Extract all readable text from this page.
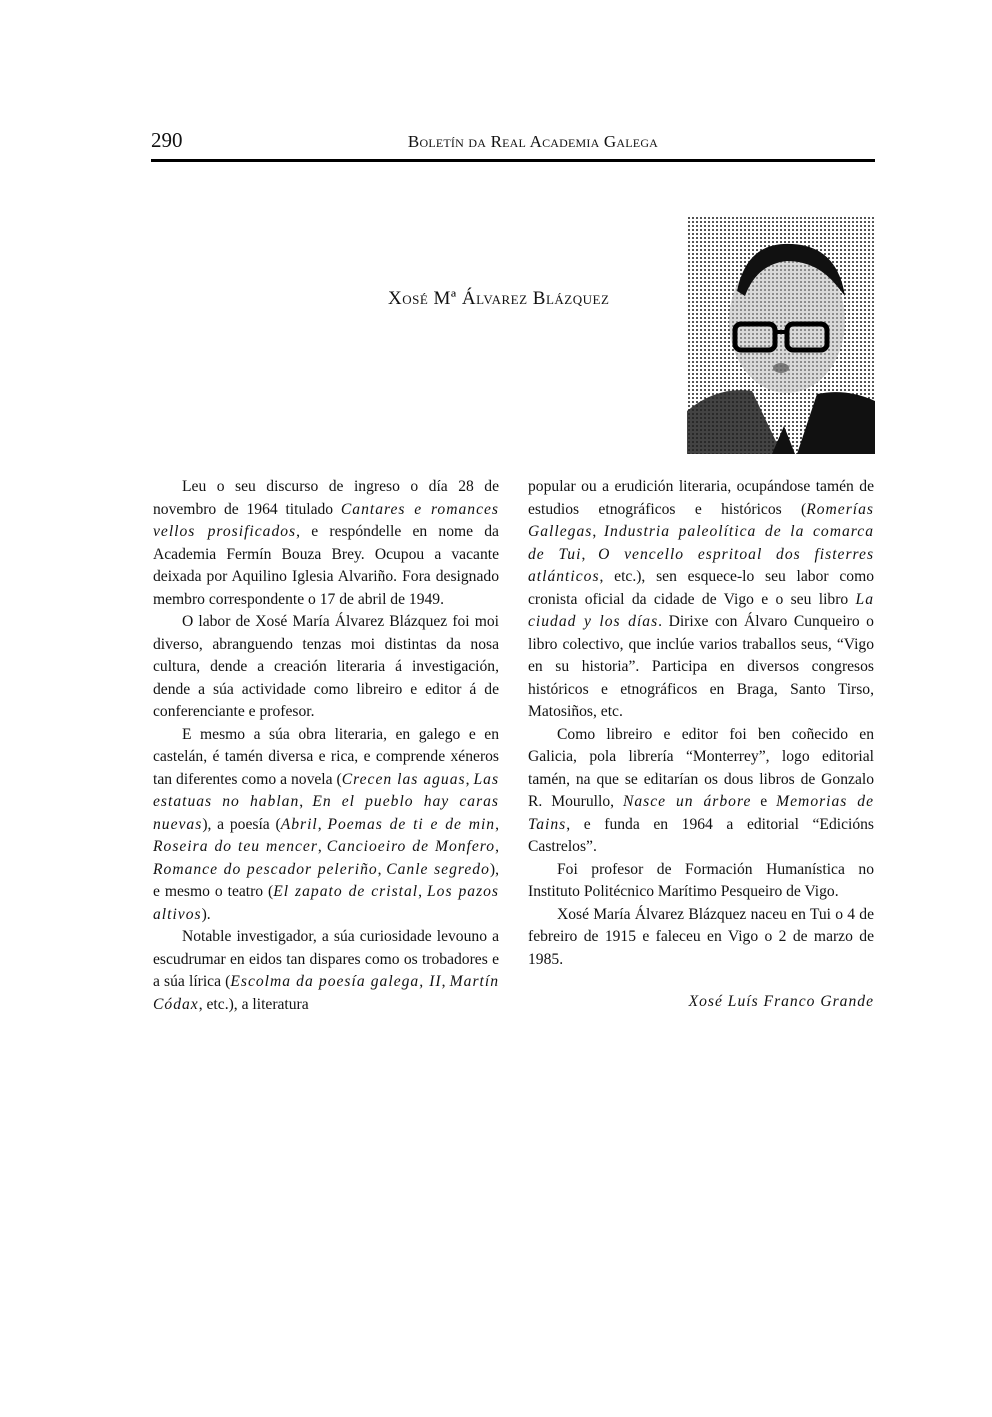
290	Boletín da Real Academia Galega
Xosé Mª Álvarez Blázquez

Leu o seu discurso de ingreso o día 28 de novembro de 1964 titulado Cantares e romances vellos prosificados, e respóndelle en nome da Academia Fermín Bouza Brey. Ocupou a vacante deixada por Aquilino Iglesia Alvariño. Fora designado membro correspondente o 17 de abril de 1949.

O labor de Xosé María Álvarez Blázquez foi moi diverso, abranguendo tenzas moi distintas da nosa cultura, dende a creación literaria á investigación, dende a súa actividade como libreiro e editor á de conferenciante e profesor.

E mesmo a súa obra literaria, en galego e en castelán, é tamén diversa e rica, e comprende xéneros tan diferentes como a novela (Crecen las aguas, Las estatuas no hablan, En el pueblo hay caras nuevas), a poesía (Abril, Poemas de ti e de min, Roseira do teu mencer, Cancioeiro de Monfero, Romance do pescador peleriño, Canle segredo), e mesmo o teatro (El zapato de cristal, Los pazos altivos).

Notable investigador, a súa curiosidade levouno a escudrumar en eidos tan dispares como os trobadores e a súa lírica (Escolma da poesía galega, II, Martín Códax, etc.), a literatura

popular ou a erudición literaria, ocupándose tamén de estudios etnográficos e históricos (Romerías Gallegas, Industria paleolítica de la comarca de Tui, O vencello espritoal dos fisterres atlánticos, etc.), sen esquece-lo seu labor como cronista oficial da cidade de Vigo e o seu libro La ciudad y los días. Dirixe con Álvaro Cunqueiro o libro colectivo, que inclúe varios traballos seus, “Vigo en su historia”. Participa en diversos congresos históricos e etnográficos en Braga, Santo Tirso, Matosiños, etc.

Como libreiro e editor foi ben coñecido en Galicia, pola librería “Monterrey”, logo editorial tamén, na que se editarían os dous libros de Gonzalo R. Mourullo, Nasce un árbore e Memorias de Tains, e funda en 1964 a editorial “Edicións Castrelos”.

Foi profesor de Formación Humanística no Instituto Politécnico Marítimo Pesqueiro de Vigo.

Xosé María Álvarez Blázquez naceu en Tui o 4 de febreiro de 1915 e faleceu en Vigo o 2 de marzo de 1985.

Xosé Luís Franco Grande
